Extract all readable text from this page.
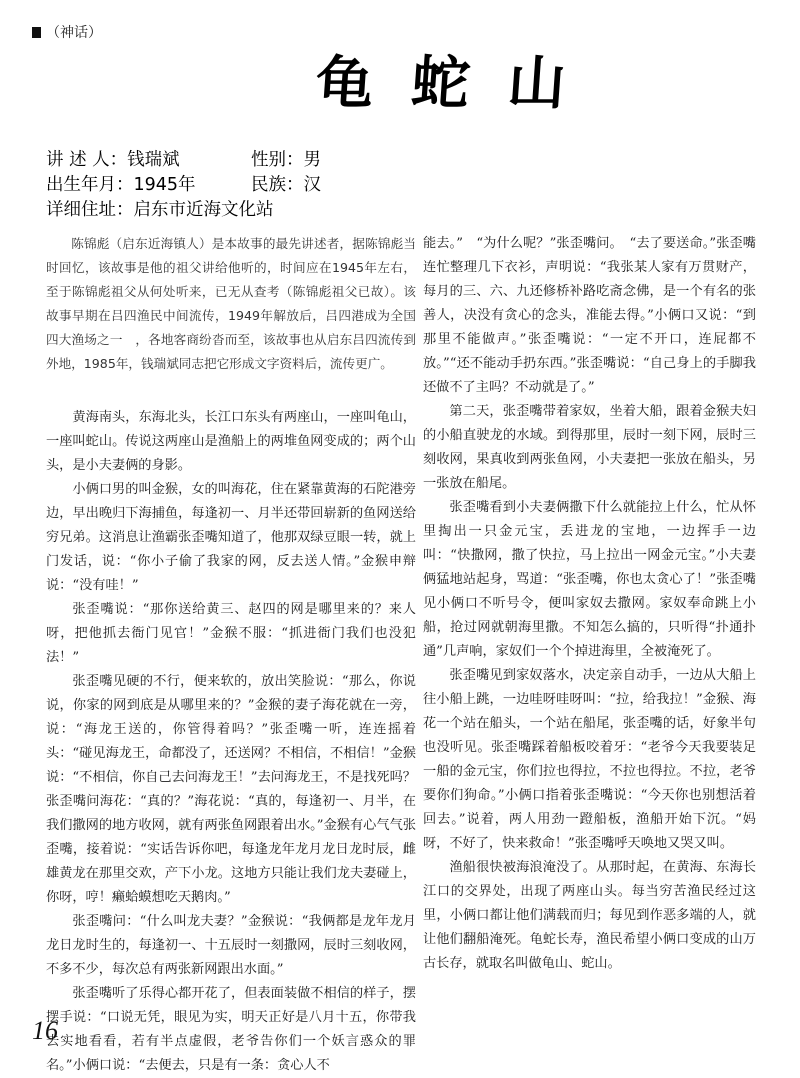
（神话）
龟蛇山
讲 述 人：钱瑞斌	性别：男
出生年月：1945年	民族：汉
详细住址： 启东市近海文化站

陈锦彪（启东近海镇人）是本故事的最先讲述者，据陈锦彪当时回忆，该故事是他的祖父讲给他听的，时间应在1945年左右，至于陈锦彪祖父从何处听来，已无从查考（陈锦彪祖父已故）。该故事早期在吕四渔民中间流传，1949年解放后，吕四港成为全国四大渔场之一　，各地客商纷沓而至，该故事也从启东吕四流传到外地，1985年，钱瑞斌同志把它形成文字资料后，流传更广。

黄海南头，东海北头，长江口东头有两座山，一座叫龟山，一座叫蛇山。传说这两座山是渔船上的两堆鱼网变成的；两个山头，是小夫妻俩的身影。

小俩口男的叫金猴，女的叫海花，住在紧靠黄海的石陀港旁边，早出晚归下海捕鱼，每逢初一、月半还带回崭新的鱼网送给穷兄弟。这消息让渔霸张歪嘴知道了，他那双绿豆眼一转，就上门发话，说：“你小子偷了我家的网，反去送人情。”金猴申辩说：“没有哇！”

张歪嘴说：“那你送给黄三、赵四的网是哪里来的？来人呀，把他抓去衙门见官！”金猴不服：“抓进衙门我们也没犯法！”

张歪嘴见硬的不行，便来软的，放出笑脸说：“那么，你说说，你家的网到底是从哪里来的？”金猴的妻子海花就在一旁，说：“海龙王送的，你管得着吗？”张歪嘴一听，连连摇着头：“碰见海龙王，命都没了，还送网？不相信，不相信！”金猴说：“不相信，你自己去问海龙王！”去问海龙王，不是找死吗？张歪嘴问海花：“真的？”海花说：“真的，每逢初一、月半，在我们撒网的地方收网，就有两张鱼网跟着出水。”金猴有心气气张歪嘴，接着说：“实话告诉你吧，每逢龙年龙月龙日龙时辰，雌雄黄龙在那里交欢，产下小龙。这地方只能让我们龙夫妻碰上，你呀，哼！癞蛤蟆想吃天鹅肉。”

张歪嘴问：“什么叫龙夫妻？”金猴说：“我俩都是龙年龙月龙日龙时生的，每逢初一、十五辰时一刻撒网，辰时三刻收网，不多不少，每次总有两张新网跟出水面。”

张歪嘴听了乐得心都开花了，但表面装做不相信的样子，摆摆手说：“口说无凭，眼见为实，明天正好是八月十五，你带我去实地看看，若有半点虚假，老爷告你们一个妖言惑众的罪名。”小俩口说：“去便去，只是有一条：贪心人不

能去。”　“为什么呢？”张歪嘴问。　“去了要送命。”张歪嘴连忙整理几下衣衫，声明说：“我张某人家有万贯财产，每月的三、六、九还修桥补路吃斋念佛，是一个有名的张善人，决没有贪心的念头，准能去得。”小俩口又说：“到那里不能做声。”张歪嘴说：“一定不开口，连屁都不放。”“还不能动手扔东西。”张歪嘴说：“自己身上的手脚我还做不了主吗？不动就是了。”

第二天，张歪嘴带着家奴，坐着大船，跟着金猴夫妇的小船直驶龙的水域。到得那里，辰时一刻下网，辰时三刻收网，果真收到两张鱼网，小夫妻把一张放在船头，另一张放在船尾。

张歪嘴看到小夫妻俩撒下什么就能拉上什么，忙从怀里掏出一只金元宝，丢进龙的宝地，一边挥手一边叫：“快撒网，撒了快拉，马上拉出一网金元宝。”小夫妻俩猛地站起身，骂道：“张歪嘴，你也太贪心了！”张歪嘴见小俩口不听号令，便叫家奴去撒网。家奴奉命跳上小船，抢过网就朝海里撒。不知怎么搞的，只听得“扑通扑通”几声响，家奴们一个个掉进海里，全被淹死了。

张歪嘴见到家奴落水，决定亲自动手，一边从大船上往小船上跳，一边哇呀哇呀叫：“拉，给我拉！”金猴、海花一个站在船头，一个站在船尾，张歪嘴的话，好象半句也没听见。张歪嘴踩着船板咬着牙：“老爷今天我要装足一船的金元宝，你们拉也得拉，不拉也得拉。不拉，老爷要你们狗命。”小俩口指着张歪嘴说：“今天你也别想活着回去。”说着，两人用劲一蹬船板，渔船开始下沉。“妈呀，不好了，快来救命！”张歪嘴呼天唤地又哭又叫。

渔船很快被海浪淹没了。从那时起，在黄海、东海长江口的交界处，出现了两座山头。每当穷苦渔民经过这里，小俩口都让他们满载而归；每见到作恶多端的人，就让他们翻船淹死。龟蛇长寿，渔民希望小俩口变成的山万古长存，就取名叫做龟山、蛇山。

16
